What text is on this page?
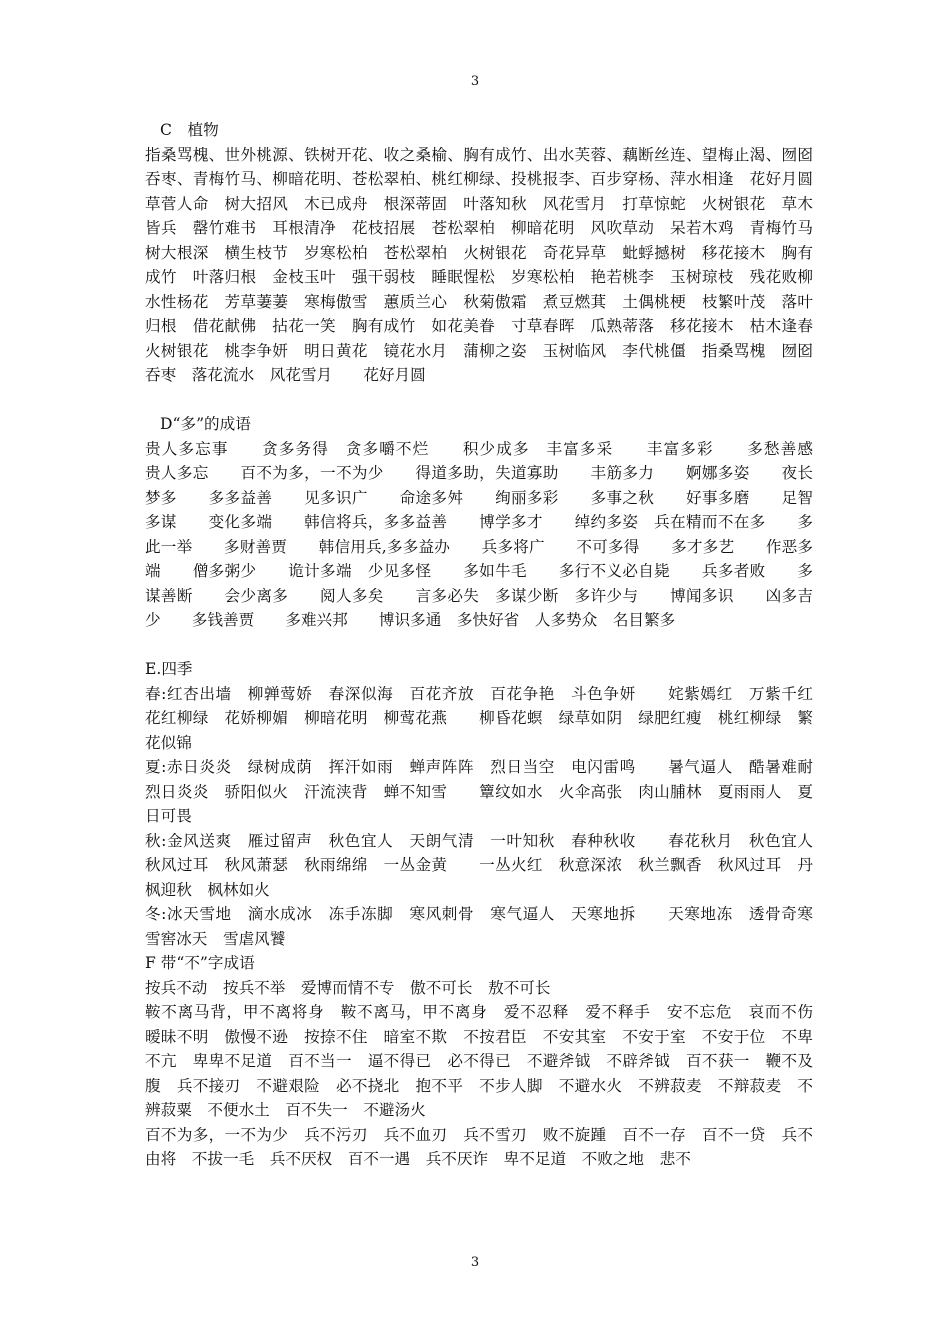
3
C　植物

指桑骂槐、世外桃源、铁树开花、收之桑榆、胸有成竹、出水芙蓉、藕断丝连、望梅止渴、囫囵吞枣、青梅竹马、柳暗花明、苍松翠柏、桃红柳绿、投桃报李、百步穿杨、萍水相逢　花好月圆　草菅人命　树大招风　木已成舟　根深蒂固　叶落知秋　风花雪月　打草惊蛇　火树银花　草木皆兵　罄竹难书　耳根清净　花枝招展　苍松翠柏　柳暗花明　风吹草动　呆若木鸡　青梅竹马　树大根深　横生枝节　岁寒松柏　苍松翠柏　火树银花　奇花异草　蚍蜉撼树　移花接木　胸有成竹　叶落归根　金枝玉叶　强干弱枝　睡眠惺松　岁寒松柏　艳若桃李　玉树琼枝　残花败柳　水性杨花　芳草萋萋　寒梅傲雪　蕙质兰心　秋菊傲霜　煮豆燃萁　土偶桃梗　枝繁叶茂　落叶归根　借花献佛　拈花一笑　胸有成竹　如花美眷　寸草春晖　瓜熟蒂落　移花接木　枯木逢春　火树银花　桃李争妍　明日黄花　镜花水月　蒲柳之姿　玉树临风　李代桃僵　指桑骂槐　囫囵吞枣　落花流水　风花雪月　　花好月圆

D“多”的成语

贵人多忘事　　贪多务得　贪多嚼不烂　　积少成多　丰富多采　　丰富多彩　　多愁善感　　贵人多忘　　百不为多，一不为少　　得道多助，失道寡助　　丰筋多力　　婀娜多姿　　夜长梦多　　多多益善　　见多识广　　命途多舛　　绚丽多彩　　多事之秋　　好事多磨　　足智多谋　　变化多端　　韩信将兵，多多益善　　博学多才　　绰约多姿　兵在精而不在多　　多此一举　　多财善贾　　韩信用兵,多多益办　　兵多将广　　不可多得　　多才多艺　　作恶多端　　僧多粥少　　诡计多端　少见多怪　　多如牛毛　　多行不义必自毙　　兵多者败　　多谋善断　　会少离多　　阅人多矣　　言多必失　多谋少断　多许少与　　博闻多识　　凶多吉少　　多钱善贾　　多难兴邦　　博识多通　多快好省　人多势众　名目繁多

E.四季

春:红杏出墙　柳亸莺娇　春深似海　百花齐放　百花争艳　斗色争妍　　姹紫嫣红　万紫千红　花红柳绿　花娇柳媚　柳暗花明　柳莺花燕　　柳昏花螟　绿草如阴　绿肥红瘦　桃红柳绿　繁花似锦

夏:赤日炎炎　绿树成荫　挥汗如雨　蝉声阵阵　烈日当空　电闪雷鸣　　暑气逼人　酷暑难耐　烈日炎炎　骄阳似火　汗流浃背　蝉不知雪　　簟纹如水　火伞高张　肉山脯林　夏雨雨人　夏日可畏

秋:金风送爽　雁过留声　秋色宜人　天朗气清　一叶知秋　春种秋收　　春花秋月　秋色宜人　秋风过耳　秋风萧瑟　秋雨绵绵　一丛金黄　　一丛火红　秋意深浓　秋兰飘香　秋风过耳　丹枫迎秋　枫林如火

冬:冰天雪地　滴水成冰　冻手冻脚　寒风刺骨　寒气逼人　天寒地拆　　天寒地冻　透骨奇寒　雪窖冰天　雪虐风饕

F 带“不”字成语

按兵不动　按兵不举　爱博而情不专　傲不可长　敖不可长

鞍不离马背，甲不离将身　鞍不离马，甲不离身　爱不忍释　爱不释手　安不忘危　哀而不伤　暧昧不明　傲慢不逊　按捺不住　暗室不欺　不按君臣　不安其室　不安于室　不安于位　不卑不亢　卑卑不足道　百不当一　逼不得已　必不得已　不避斧钺　不辟斧钺　百不获一　鞭不及腹　兵不接刃　不避艰险　必不挠北　抱不平　不步人脚　不避水火　不辨菽麦　不辩菽麦　不辨菽粟　不便水土　百不失一　不避汤火

百不为多，一不为少　兵不污刃　兵不血刃　兵不雪刃　败不旋踵　百不一存　百不一贷　兵不由将　不拔一毛　兵不厌权　百不一遇　兵不厌诈　卑不足道　不败之地　悲不

3
